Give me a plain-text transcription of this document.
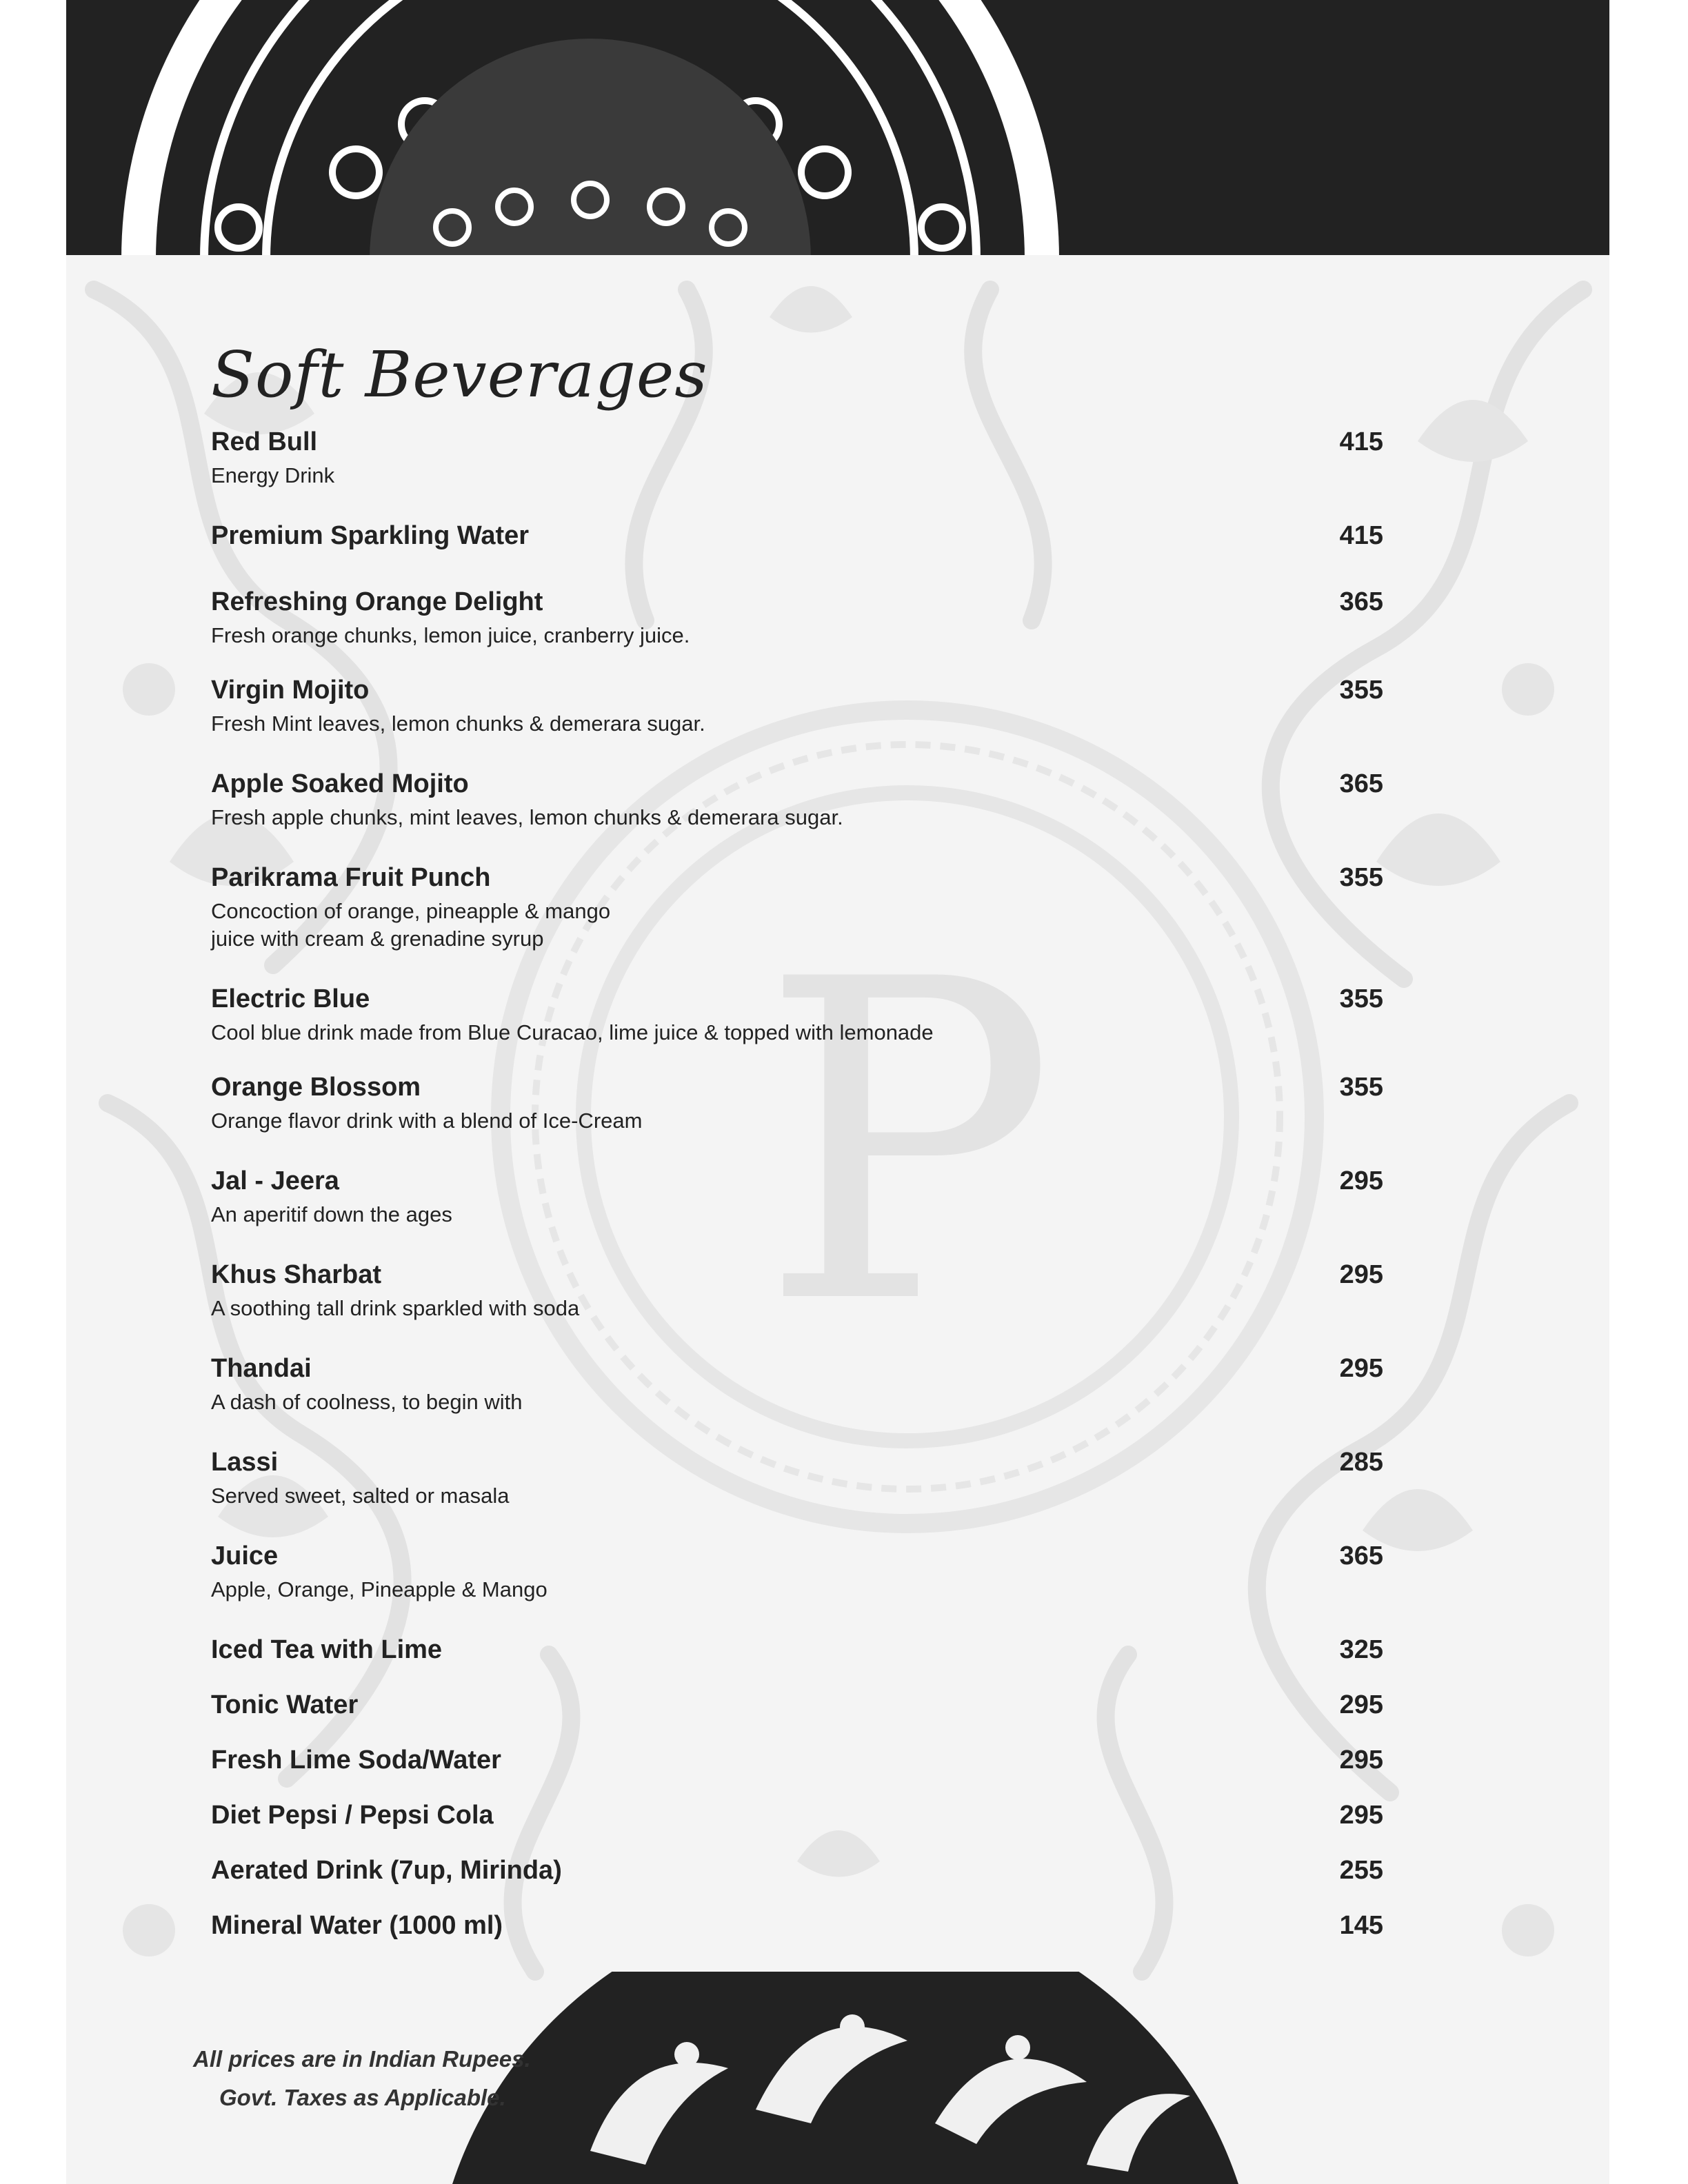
P
Soft Beverages
Red Bull	415
Energy Drink
Premium Sparkling Water	415
Refreshing Orange Delight	365
Fresh orange chunks, lemon juice, cranberry juice.
Virgin Mojito	355
Fresh Mint leaves, lemon chunks & demerara sugar.
Apple Soaked Mojito	365
Fresh apple chunks, mint leaves, lemon chunks & demerara sugar.
Parikrama Fruit Punch	355
Concoction of orange, pineapple & mango
juice with cream & grenadine syrup
Electric Blue	355
Cool blue drink made from Blue Curacao, lime juice & topped with lemonade
Orange Blossom	355
Orange flavor drink with a blend of Ice-Cream
Jal - Jeera	295
An aperitif down the ages
Khus Sharbat	295
A soothing tall drink sparkled with soda
Thandai	295
A dash of coolness, to begin with
Lassi	285
Served sweet, salted or masala
Juice	365
Apple, Orange, Pineapple & Mango
Iced Tea with Lime	325
Tonic Water	295
Fresh Lime Soda/Water	295
Diet Pepsi / Pepsi Cola	295
Aerated Drink (7up, Mirinda)	255
Mineral Water (1000 ml)	145
All prices are in Indian Rupees.
Govt. Taxes as Applicable.
